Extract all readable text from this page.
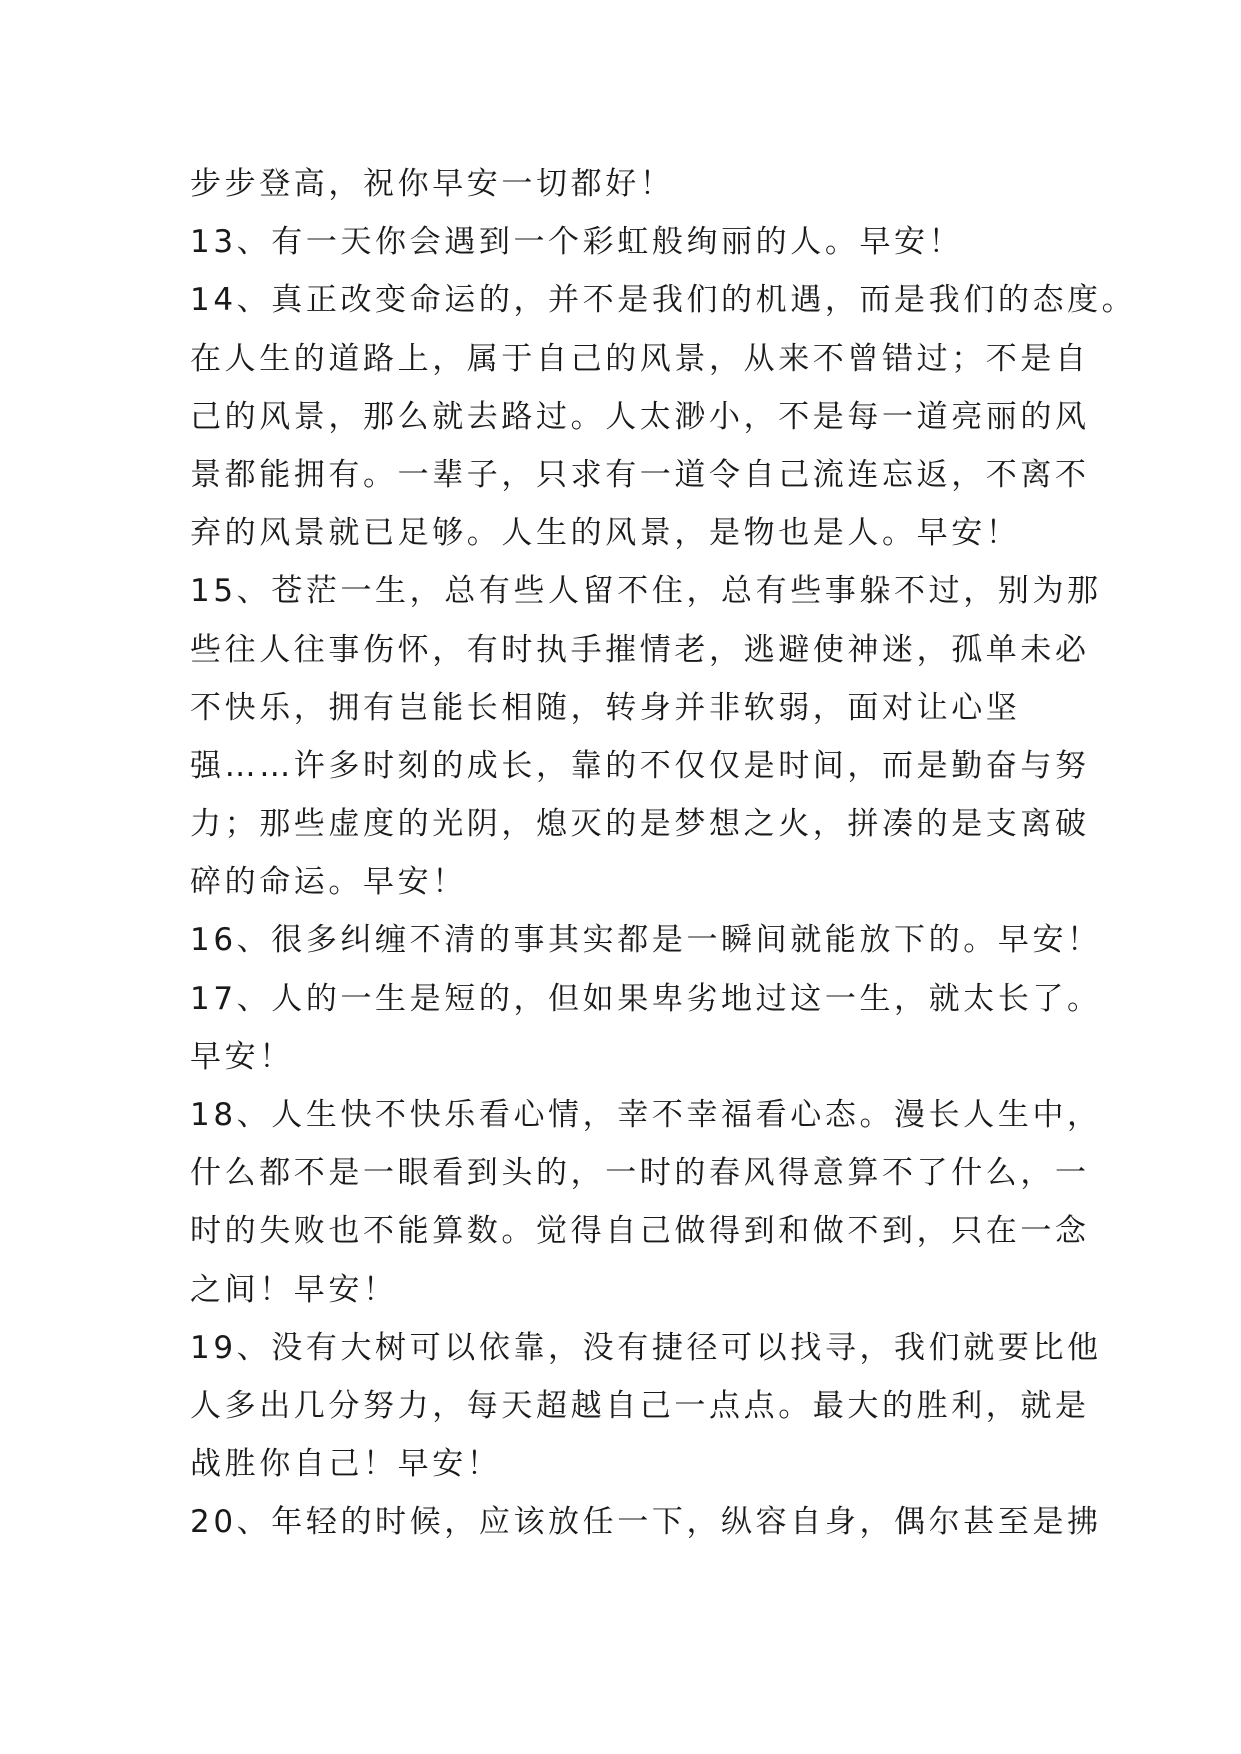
步步登高，祝你早安一切都好！
13、有一天你会遇到一个彩虹般绚丽的人。早安！
14、真正改变命运的，并不是我们的机遇，而是我们的态度。
在人生的道路上，属于自己的风景，从来不曾错过；不是自
己的风景，那么就去路过。人太渺小，不是每一道亮丽的风
景都能拥有。一辈子，只求有一道令自己流连忘返，不离不
弃的风景就已足够。人生的风景，是物也是人。早安！
15、苍茫一生，总有些人留不住，总有些事躲不过，别为那
些往人往事伤怀，有时执手摧情老，逃避使神迷，孤单未必
不快乐，拥有岂能长相随，转身并非软弱，面对让心坚
强……许多时刻的成长，靠的不仅仅是时间，而是勤奋与努
力；那些虚度的光阴，熄灭的是梦想之火，拼凑的是支离破
碎的命运。早安！
16、很多纠缠不清的事其实都是一瞬间就能放下的。早安！
17、人的一生是短的，但如果卑劣地过这一生，就太长了。
早安！
18、人生快不快乐看心情，幸不幸福看心态。漫长人生中，
什么都不是一眼看到头的，一时的春风得意算不了什么，一
时的失败也不能算数。觉得自己做得到和做不到，只在一念
之间！早安！
19、没有大树可以依靠，没有捷径可以找寻，我们就要比他
人多出几分努力，每天超越自己一点点。最大的胜利，就是
战胜你自己！早安！
20、年轻的时候，应该放任一下，纵容自身，偶尔甚至是拂
